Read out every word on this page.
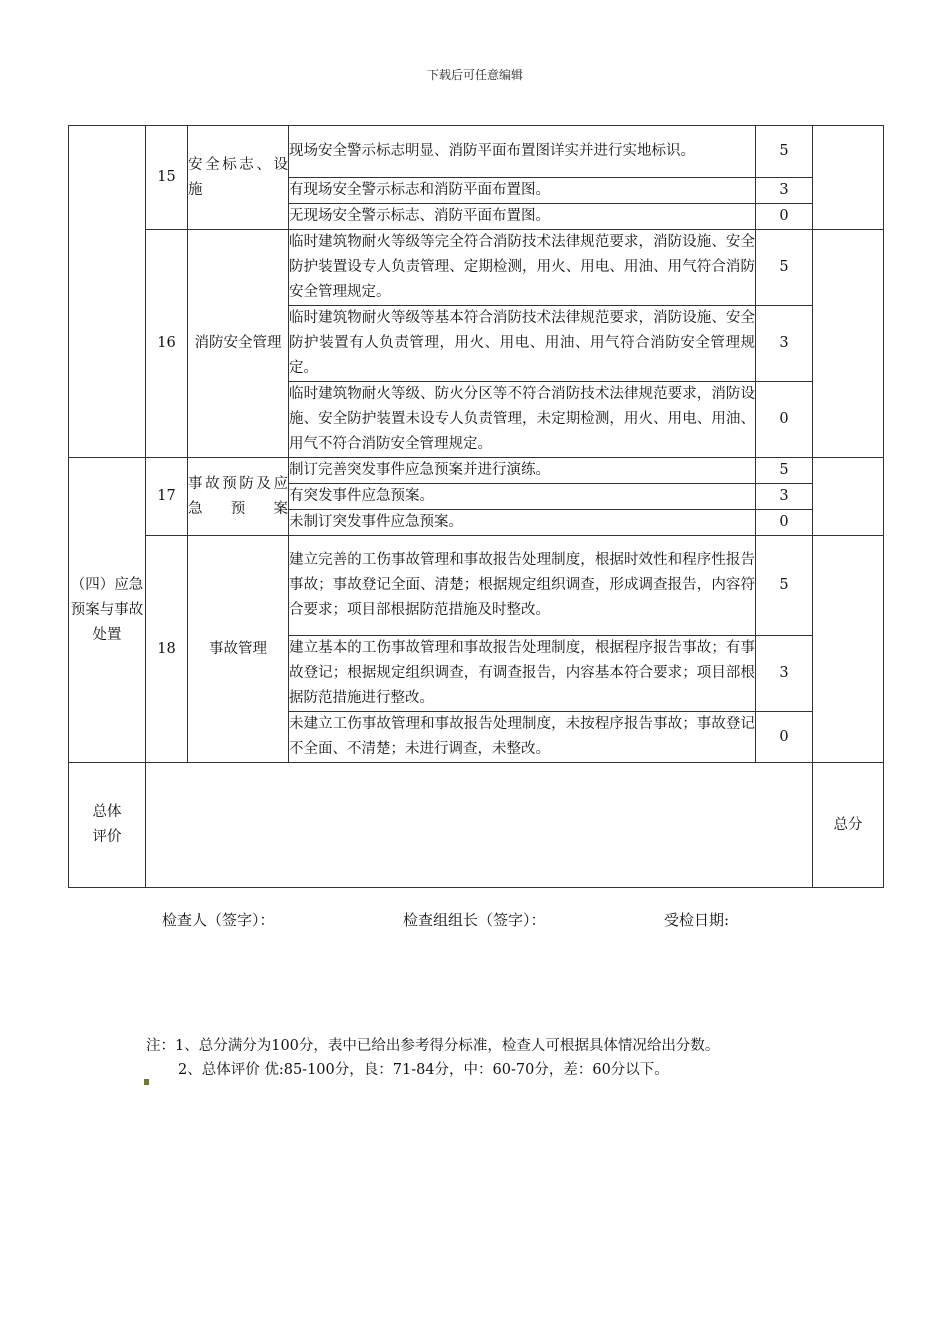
下载后可任意编辑
	15	安全标志、设施	现场安全警示标志明显、消防平面布置图详实并进行实地标识。	5	
			有现场安全警示标志和消防平面布置图。	3	
			无现场安全警示标志、消防平面布置图。	0	
	16	消防安全管理	临时建筑物耐火等级等完全符合消防技术法律规范要求，消防设施、安全防护装置设专人负责管理、定期检测，用火、用电、用油、用气符合消防安全管理规定。	5	
			临时建筑物耐火等级等基本符合消防技术法律规范要求，消防设施、安全防护装置有人负责管理，用火、用电、用油、用气符合消防安全管理规定。	3	
			临时建筑物耐火等级、防火分区等不符合消防技术法律规范要求，消防设施、安全防护装置未设专人负责管理，未定期检测，用火、用电、用油、用气不符合消防安全管理规定。	0	
（四）应急预案与事故处置	17	事故预防及应急预案	制订完善突发事件应急预案并进行演练。	5	
			有突发事件应急预案。	3	
			未制订突发事件应急预案。	0	
	18	事故管理	建立完善的工伤事故管理和事故报告处理制度，根据时效性和程序性报告事故；事故登记全面、清楚；根据规定组织调查，形成调查报告，内容符合要求；项目部根据防范措施及时整改。	5	
			建立基本的工伤事故管理和事故报告处理制度，根据程序报告事故；有事故登记；根据规定组织调查，有调查报告，内容基本符合要求；项目部根据防范措施进行整改。	3	
			未建立工伤事故管理和事故报告处理制度，未按程序报告事故；事故登记不全面、不清楚；未进行调查，未整改。	0	
总体评价					总分
检查人（签字）：	检查组组长（签字）：	受检日期:
注：1、总分满分为100分，表中已给出参考得分标准，检查人可根据具体情况给出分数。
2、总体评价 优:85-100分，良：71-84分，中：60-70分，差：60分以下。
